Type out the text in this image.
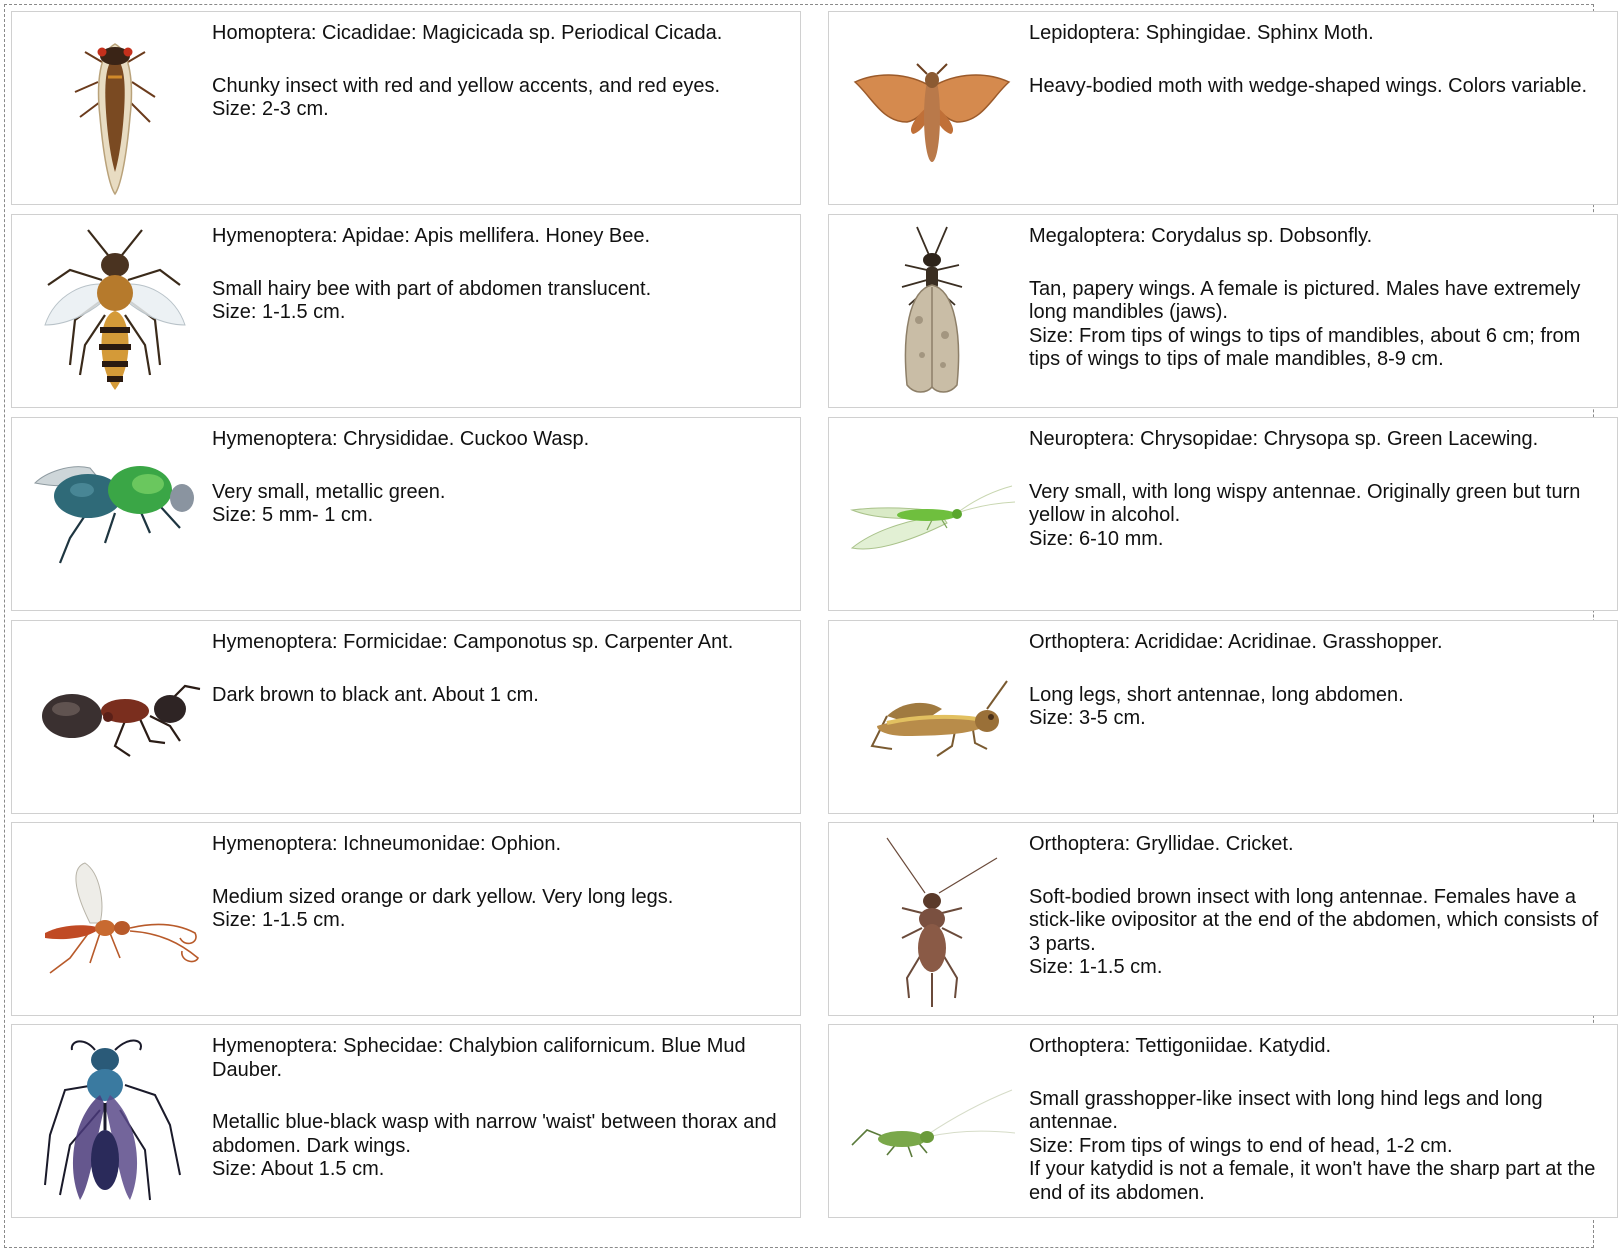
Homoptera: Cicadidae: Magicicada sp. Periodical Cicada.

Chunky insect with red and yellow accents, and red eyes.
Size: 2-3 cm.

Lepidoptera: Sphingidae. Sphinx Moth.

Heavy-bodied moth with wedge-shaped wings. Colors variable.

Hymenoptera: Apidae: Apis mellifera. Honey Bee.

Small hairy bee with part of abdomen translucent.
Size: 1-1.5 cm.

Megaloptera: Corydalus sp. Dobsonfly.

Tan, papery wings. A female is pictured. Males have extremely long mandibles (jaws).
Size: From tips of wings to tips of mandibles, about 6 cm; from tips of wings to tips of male mandibles, 8-9 cm.

Hymenoptera: Chrysididae. Cuckoo Wasp.

Very small, metallic green.
Size: 5 mm- 1 cm.

Neuroptera: Chrysopidae: Chrysopa sp. Green Lacewing.

Very small, with long wispy antennae. Originally green but turn yellow in alcohol.
Size: 6-10 mm.

Hymenoptera: Formicidae: Camponotus sp. Carpenter Ant.

Dark brown to black ant. About 1 cm.

Orthoptera: Acrididae: Acridinae. Grasshopper.

Long legs, short antennae, long abdomen.
Size: 3-5 cm.

Hymenoptera: Ichneumonidae: Ophion.

Medium sized orange or dark yellow. Very long legs.
Size: 1-1.5 cm.

Orthoptera: Gryllidae. Cricket.

Soft-bodied brown insect with long antennae. Females have a stick-like ovipositor at the end of the abdomen, which consists of 3 parts.
Size: 1-1.5 cm.

Hymenoptera: Sphecidae: Chalybion californicum. Blue Mud Dauber.

Metallic blue-black wasp with narrow 'waist' between thorax and abdomen. Dark wings.
Size: About 1.5 cm.

Orthoptera: Tettigoniidae. Katydid.

Small grasshopper-like insect with long hind legs and long antennae.
Size: From tips of wings to end of head, 1-2 cm.
If your katydid is not a female, it won't have the sharp part at the end of its abdomen.
